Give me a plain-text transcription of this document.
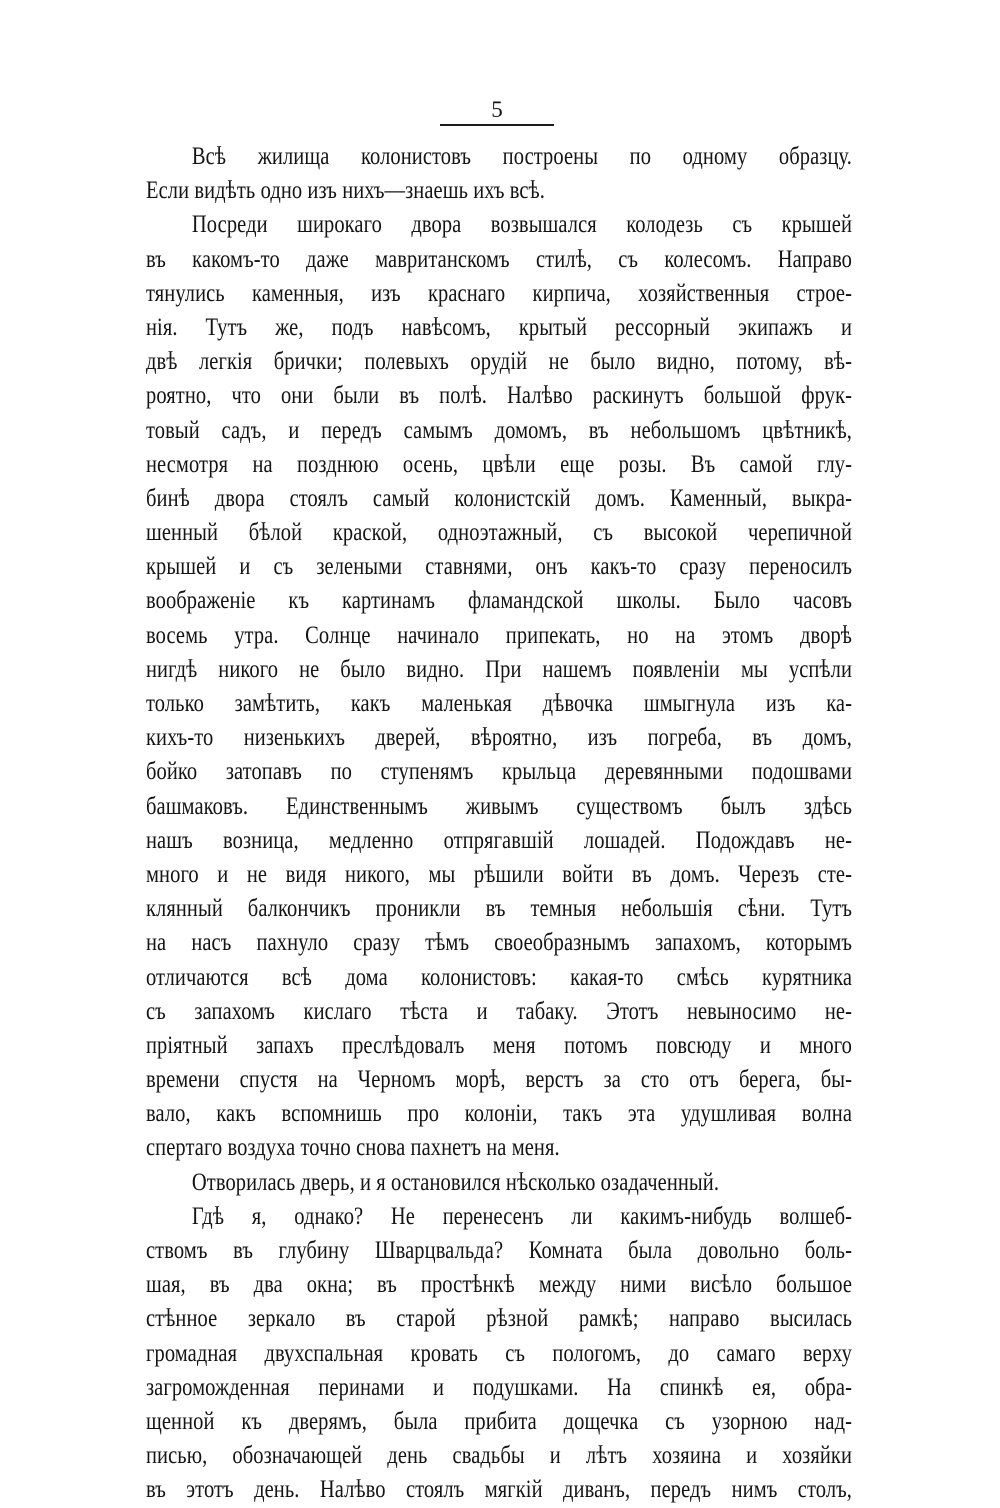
5
Всѣ жилища колонистовъ построены по одному образцу.
Если видѣть одно изъ нихъ—знаешь ихъ всѣ.
Посреди широкаго двора возвышался колодезь съ крышей
въ какомъ-то даже мавританскомъ стилѣ, съ колесомъ. Направо
тянулись каменныя, изъ краснаго кирпича, хозяйственныя строе-
нія. Тутъ же, подъ навѣсомъ, крытый рессорный экипажъ и
двѣ легкія брички; полевыхъ орудій не было видно, потому, вѣ-
роятно, что они были въ полѣ. Налѣво раскинутъ большой фрук-
товый садъ, и передъ самымъ домомъ, въ небольшомъ цвѣтникѣ,
несмотря на позднюю осень, цвѣли еще розы. Въ самой глу-
бинѣ двора стоялъ самый колонистскій домъ. Каменный, выкра-
шенный бѣлой краской, одноэтажный, съ высокой черепичной
крышей и съ зелеными ставнями, онъ какъ-то сразу переносилъ
воображеніе къ картинамъ фламандской школы. Было часовъ
восемь утра. Солнце начинало припекать, но на этомъ дворѣ
нигдѣ никого не было видно. При нашемъ появленіи мы успѣли
только замѣтить, какъ маленькая дѣвочка шмыгнула изъ ка-
кихъ-то низенькихъ дверей, вѣроятно, изъ погреба, въ домъ,
бойко затопавъ по ступенямъ крыльца деревянными подошвами
башмаковъ. Единственнымъ живымъ существомъ былъ здѣсь
нашъ возница, медленно отпрягавшій лошадей. Подождавъ не-
много и не видя никого, мы рѣшили войти въ домъ. Черезъ сте-
клянный балкончикъ проникли въ темныя небольшія сѣни. Тутъ
на насъ пахнуло сразу тѣмъ своеобразнымъ запахомъ, которымъ
отличаются всѣ дома колонистовъ: какая-то смѣсь курятника
съ запахомъ кислаго тѣста и табаку. Этотъ невыносимо не-
пріятный запахъ преслѣдовалъ меня потомъ повсюду и много
времени спустя на Черномъ морѣ, верстъ за сто отъ берега, бы-
вало, какъ вспомнишь про колоніи, такъ эта удушливая волна
спертаго воздуха точно снова пахнетъ на меня.
Отворилась дверь, и я остановился нѣсколько озадаченный.
Гдѣ я, однако? Не перенесенъ ли какимъ-нибудь волшеб-
ствомъ въ глубину Шварцвальда? Комната была довольно боль-
шая, въ два окна; въ простѣнкѣ между ними висѣло большое
стѣнное зеркало въ старой рѣзной рамкѣ; направо высилась
громадная двухспальная кровать съ пологомъ, до самаго верху
загроможденная перинами и подушками. На спинкѣ ея, обра-
щенной къ дверямъ, была прибита дощечка съ узорною над-
писью, обозначающей день свадьбы и лѣтъ хозяина и хозяйки
въ этотъ день. Налѣво стоялъ мягкій диванъ, передъ нимъ столъ,
